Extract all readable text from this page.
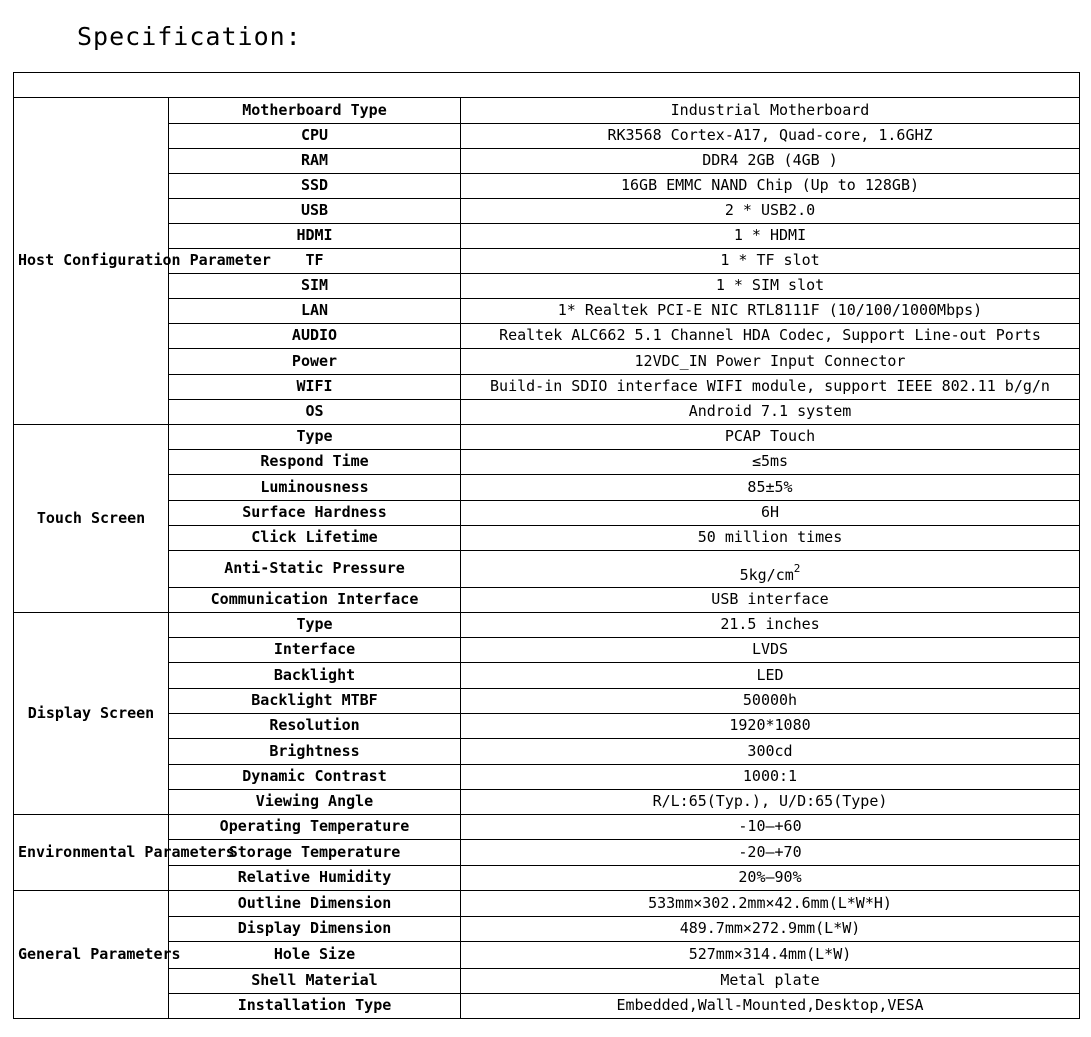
Specification:

Host Configuration Parameter	Motherboard Type	Industrial Motherboard
	CPU	RK3568 Cortex-A17, Quad-core, 1.6GHZ
	RAM	DDR4 2GB (4GB )
	SSD	16GB EMMC NAND Chip (Up to 128GB)
	USB	2 * USB2.0
	HDMI	1 * HDMI
	TF	1 * TF slot
	SIM	1 * SIM slot
	LAN	1* Realtek PCI-E NIC RTL8111F (10/100/1000Mbps)
	AUDIO	Realtek ALC662 5.1 Channel HDA Codec, Support Line-out Ports
	Power	12VDC_IN Power Input Connector
	WIFI	Build-in SDIO interface WIFI module, support IEEE 802.11 b/g/n
	OS	Android 7.1 system
Touch Screen	Type	PCAP Touch
	Respond Time	≤5ms
	Luminousness	85±5%
	Surface Hardness	6H
	Click Lifetime	50 million times
	Anti-Static Pressure	$5kg/cm^2$
	Communication Interface	USB interface
Display Screen	Type	21.5 inches
	Interface	LVDS
	Backlight	LED
	Backlight MTBF	50000h
	Resolution	1920*1080
	Brightness	300cd
	Dynamic Contrast	1000:1
	Viewing Angle	R/L:65(Typ.), U/D:65(Type)
Environmental Parameters	Operating Temperature	-10—+60
	Storage Temperature	-20—+70
	Relative Humidity	20%—90%
General Parameters	Outline Dimension	533mm×302.2mm×42.6mm(L*W*H)
	Display Dimension	489.7mm×272.9mm(L*W)
	Hole Size	527mm×314.4mm(L*W)
	Shell Material	Metal plate
	Installation Type	Embedded,Wall-Mounted,Desktop,VESA
